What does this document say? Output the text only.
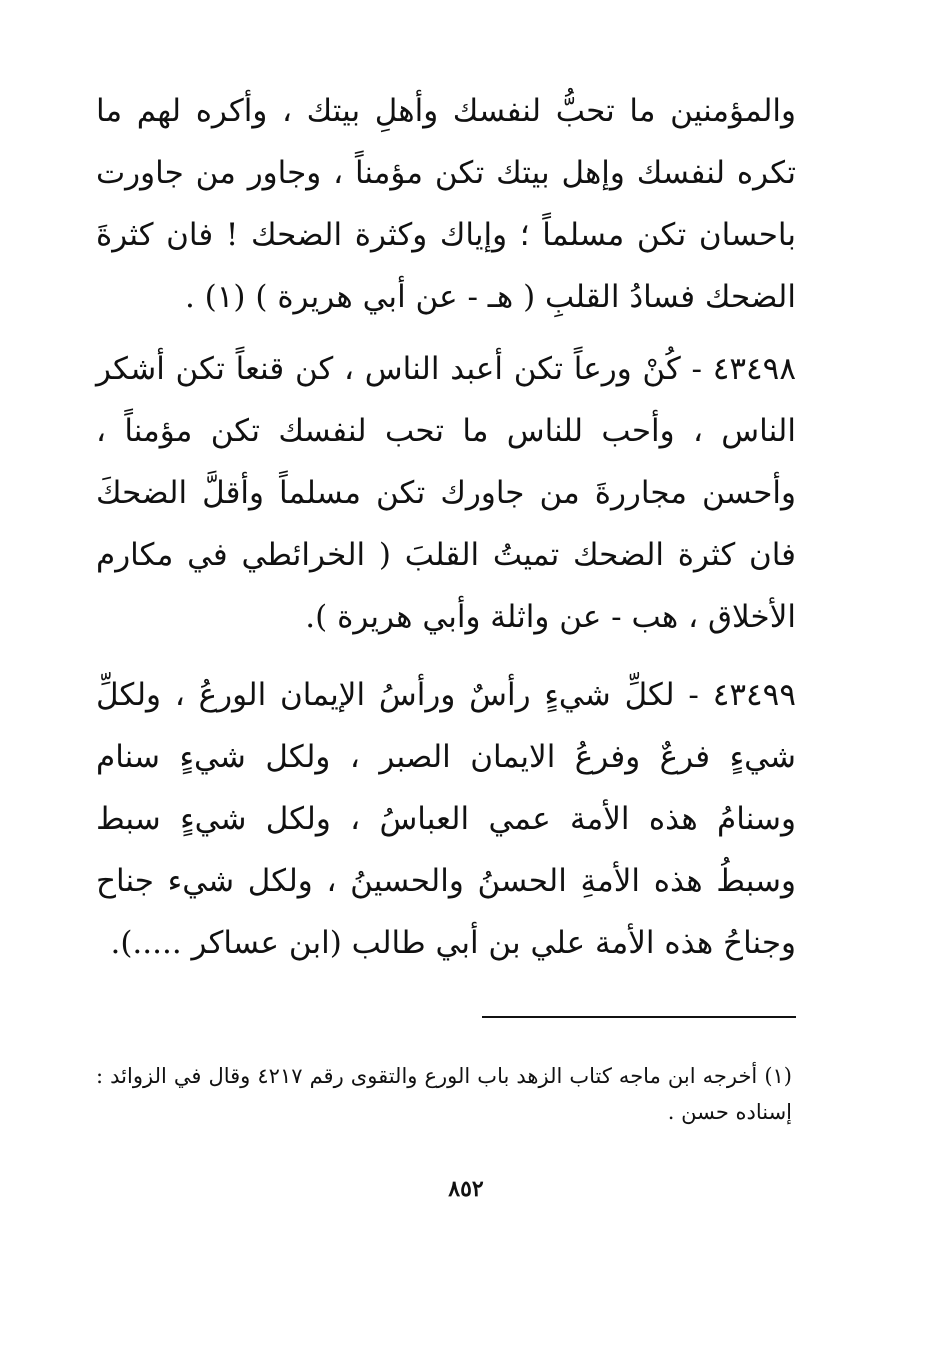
والمؤمنين ما تحبُّ لنفسك وأهلِ بيتك ، وأكره لهم ما تكره لنفسك وإهل بيتك تكن مؤمناً ، وجاور من جاورت باحسان تكن مسلماً ؛ وإياك وكثرة الضحك ! فان كثرةَ الضحك فسادُ القلبِ ( هـ - عن أبي هريرة ) (١) .
٤٣٤٩٨ - كُنْ ورعاً تكن أعبد الناس ، كن قنعاً تكن أشكر الناس ، وأحب للناس ما تحب لنفسك تكن مؤمناً ، وأحسن مجاررةَ من جاورك تكن مسلماً وأقلَّ الضحكَ فان كثرة الضحك تميتُ القلبَ ( الخرائطي في مكارم الأخلاق ، هب - عن واثلة وأبي هريرة ).
٤٣٤٩٩ - لكلِّ شيءٍ رأسٌ ورأسُ الإيمان الورعُ ، ولكلِّ شيءٍ فرعٌ وفرعُ الايمان الصبر ، ولكل شيءٍ سنام وسنامُ هذه الأمة عمي العباسُ ، ولكل شيءٍ سبط وسبطُ هذه الأمةِ الحسنُ والحسينُ ، ولكل شيء جناح وجناحُ هذه الأمة علي بن أبي طالب (ابن عساكر .....).
(١) أخرجه ابن ماجه كتاب الزهد باب الورع والتقوى رقم ٤٢١٧ وقال في الزوائد : إسناده حسن .
٨٥٢
